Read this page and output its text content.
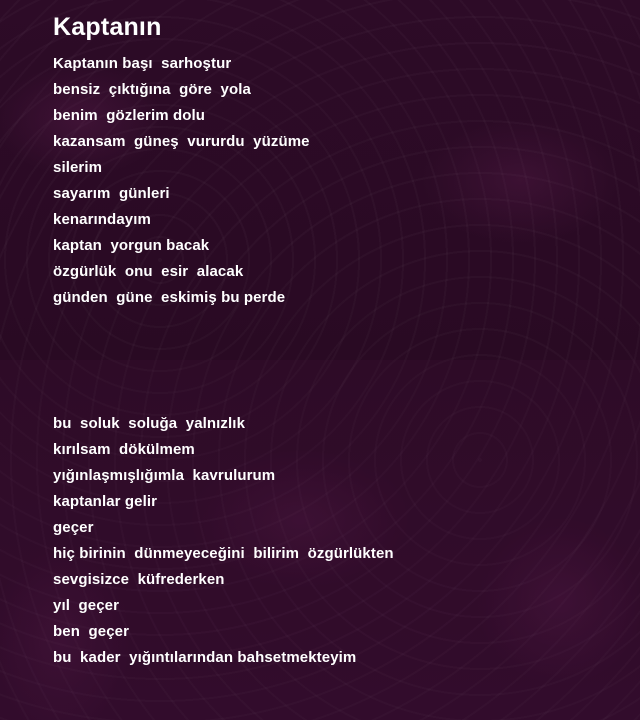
Kaptanın
Kaptanın başı  sarhoştur
bensiz  çıktığına  göre  yola
benim  gözlerim dolu
kazansam  güneş  vururdu  yüzüme
silerim
sayarım  günleri
kenarındayım
kaptan  yorgun bacak
özgürlük  onu  esir  alacak
günden  güne  eskimiş bu perde
bu  soluk  soluğa  yalnızlık
kırılsam  dökülmem
yığınlaşmışlığımla  kavrulurum
kaptanlar gelir
geçer
hiç birinin  dünmeyeceğini  bilirim  özgürlükten
sevgisizce  küfrederken
yıl  geçer
ben  geçer
bu  kader  yığıntılarından bahsetmekteyim
